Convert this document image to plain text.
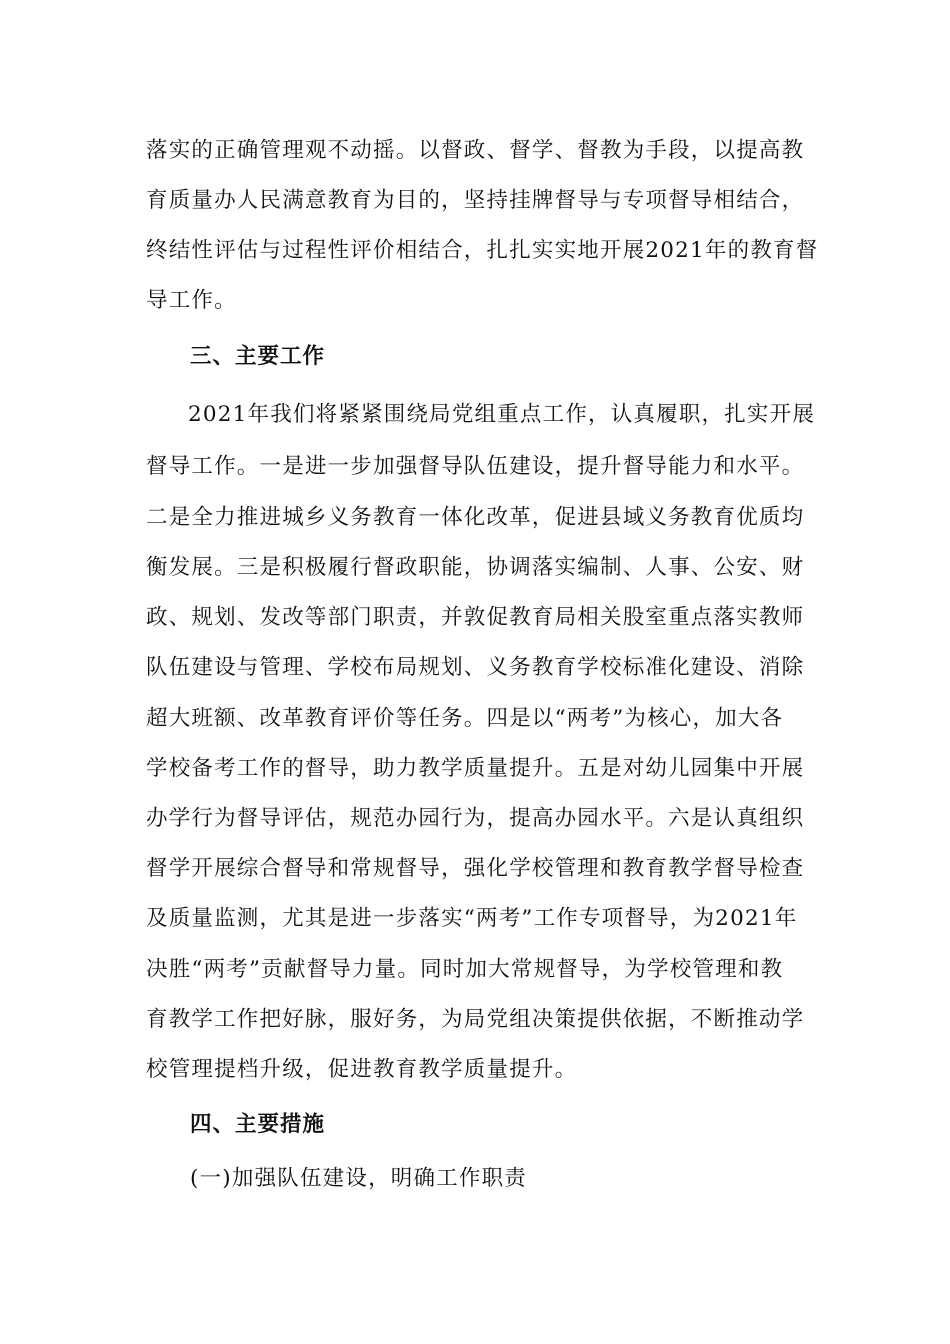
落实的正确管理观不动摇。以督政、督学、督教为手段，以提高教
育质量办人民满意教育为目的，坚持挂牌督导与专项督导相结合，
终结性评估与过程性评价相结合，扎扎实实地开展2021年的教育督
导工作。
三、主要工作
2021年我们将紧紧围绕局党组重点工作，认真履职，扎实开展
督导工作。一是进一步加强督导队伍建设，提升督导能力和水平。
二是全力推进城乡义务教育一体化改革，促进县域义务教育优质均
衡发展。三是积极履行督政职能，协调落实编制、人事、公安、财
政、规划、发改等部门职责，并敦促教育局相关股室重点落实教师
队伍建设与管理、学校布局规划、义务教育学校标准化建设、消除
超大班额、改革教育评价等任务。四是以“两考”为核心，加大各
学校备考工作的督导，助力教学质量提升。五是对幼儿园集中开展
办学行为督导评估，规范办园行为，提高办园水平。六是认真组织
督学开展综合督导和常规督导，强化学校管理和教育教学督导检查
及质量监测，尤其是进一步落实“两考”工作专项督导，为2021年
决胜“两考”贡献督导力量。同时加大常规督导，为学校管理和教
育教学工作把好脉，服好务，为局党组决策提供依据，不断推动学
校管理提档升级，促进教育教学质量提升。
四、主要措施
(一)加强队伍建设，明确工作职责
